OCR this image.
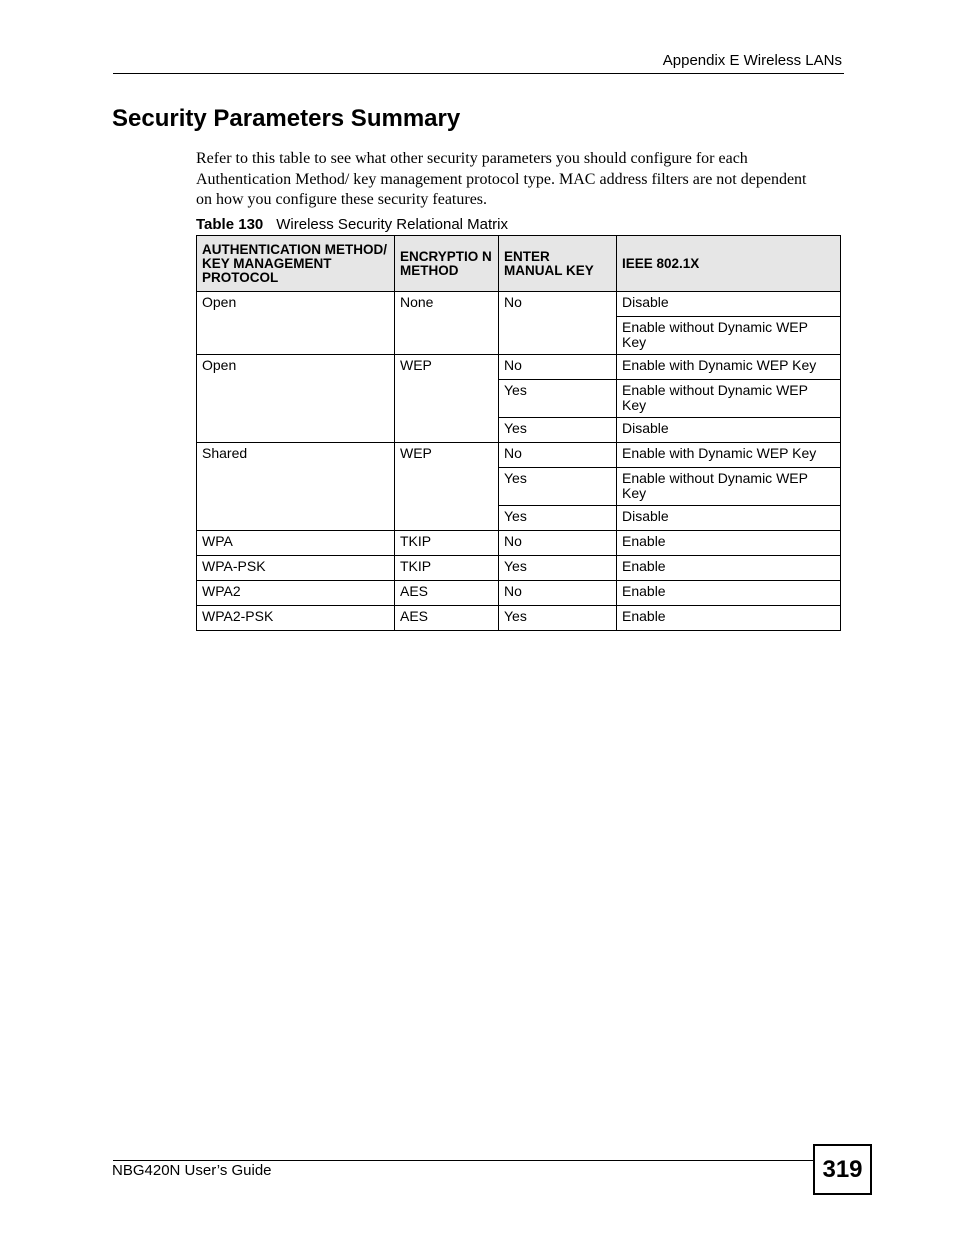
Appendix E Wireless LANs
Security Parameters Summary

Refer to this table to see what other security parameters you should configure for each Authentication Method/ key management protocol type. MAC address filters are not dependent on how you configure these security features.

Table 130 Wireless Security Relational Matrix
AUTHENTICATION METHOD/ KEY MANAGEMENT PROTOCOL	ENCRYPTIO N METHOD	ENTER MANUAL KEY	IEEE 802.1X
Open	None	No	Disable
			Enable without Dynamic WEP Key
Open	WEP	No	Enable with Dynamic WEP Key
		Yes	Enable without Dynamic WEP Key
		Yes	Disable
Shared	WEP	No	Enable with Dynamic WEP Key
		Yes	Enable without Dynamic WEP Key
		Yes	Disable
WPA	TKIP	No	Enable
WPA-PSK	TKIP	Yes	Enable
WPA2	AES	No	Enable
WPA2-PSK	AES	Yes	Enable
NBG420N User’s Guide	319
